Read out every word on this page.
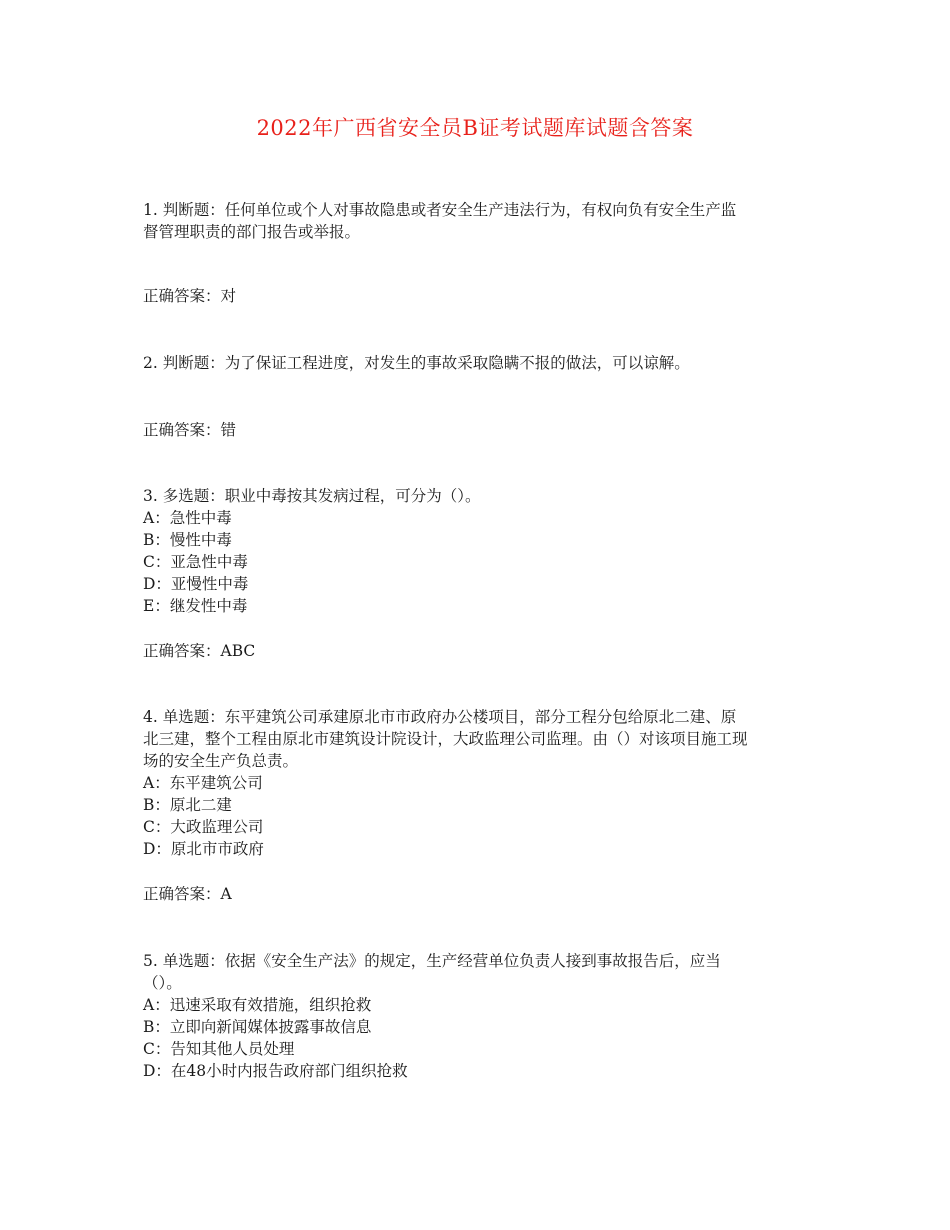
2022年广西省安全员B证考试题库试题含答案
1. 判断题：任何单位或个人对事故隐患或者安全生产违法行为，有权向负有安全生产监
督管理职责的部门报告或举报。
正确答案：对
2. 判断题：为了保证工程进度，对发生的事故采取隐瞒不报的做法，可以谅解。
正确答案：错
3. 多选题：职业中毒按其发病过程，可分为（）。
A：急性中毒
B：慢性中毒
C：亚急性中毒
D：亚慢性中毒
E：继发性中毒
正确答案：ABC
4. 单选题：东平建筑公司承建原北市市政府办公楼项目，部分工程分包给原北二建、原
北三建，整个工程由原北市建筑设计院设计，大政监理公司监理。由（）对该项目施工现
场的安全生产负总责。
A：东平建筑公司
B：原北二建
C：大政监理公司
D：原北市市政府
正确答案：A
5. 单选题：依据《安全生产法》的规定，生产经营单位负责人接到事故报告后，应当
（）。
A：迅速采取有效措施，组织抢救
B：立即向新闻媒体披露事故信息
C：告知其他人员处理
D：在48小时内报告政府部门组织抢救
